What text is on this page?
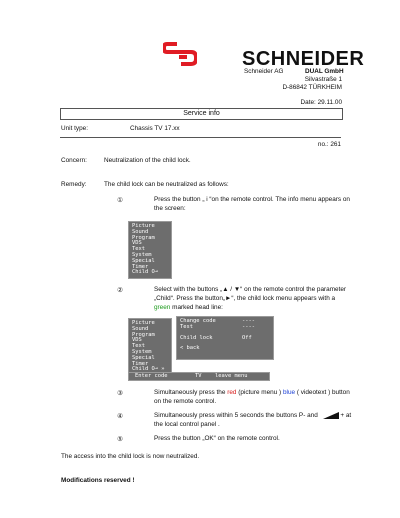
SCHNEIDER
Schneider AG	DUAL GmbH
Silvastraße 1
D-86842 TÜRKHEIM
Date: 29.11.00
Service info
Unit type:	Chassis TV 17.xx
no.: 261
Concern:	Neutralization of the child lock.
Remedy:	The child lock can be neutralized as follows:
①	Press the button „ i “on the remote control. The info menu appears on
the screen:
Picture
Sound
Program
VDS
Text
System
Special
Timer
Child O⊸
②	Select with the buttons „▲ / ▼“ on the remote control the parameter
„Child“. Press the button„►“, the child lock menu appears with a
green marked head line:
Picture
Sound
Program
VDS
Text
System
Special
Timer
Child O⊸ »
Change code	----
Test	----
Child lock	Off
< back
Enter code	TV	leave menu
③	Simultaneously press the red (picture menu ) blue ( videotext ) button
on the remote control.
④	Simultaneously press within 5 seconds the buttons P- and	+ at
the local control panel .
⑤	Press the button „OK“ on the remote control.
The access into the child lock is now neutralized.
Modifications reserved !
